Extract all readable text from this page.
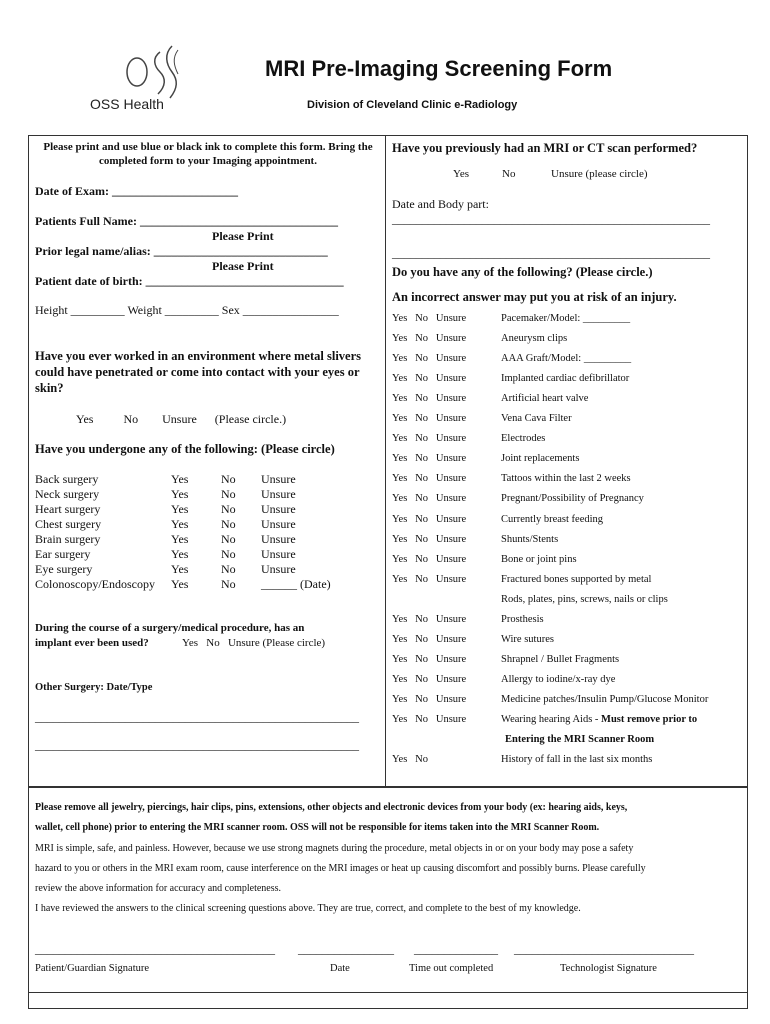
OSS Health
MRI Pre-Imaging Screening Form
Division of Cleveland Clinic e-Radiology
Please print and use blue or black ink to complete this form. Bring the completed form to your Imaging appointment.
Date of Exam: _____________________
Patients Full Name: _________________________________
Please Print
Prior legal name/alias: _____________________________
Please Print
Patient date of birth: _________________________________
Height _________ Weight _________ Sex ________________
Have you ever worked in an environment where metal slivers could have penetrated or come into contact with your eyes or skin?
Yes          No        Unsure      (Please circle.)
Have you undergone any of the following: (Please circle)
Back surgery	Yes	No Unsure
Neck surgery	Yes	No Unsure
Heart surgery	Yes	No Unsure
Chest surgery	Yes	No Unsure
Brain surgery	Yes	No Unsure
Ear surgery	Yes	No Unsure
Eye surgery	Yes	No Unsure
Colonoscopy/Endoscopy Yes	No ______ (Date)
During the course of a surgery/medical procedure, has an
implant ever been used?	Yes   No   Unsure (Please circle)
Other Surgery: Date/Type
______________________________________________________
______________________________________________________
Have you previously had an MRI or CT scan performed?
Yes	No	Unsure (please circle)
Date and Body part:
_____________________________________________________
_____________________________________________________
Do you have any of the following? (Please circle.)
An incorrect answer may put you at risk of an injury.
Yes   No   Unsure	Pacemaker/Model: _________
Yes   No   Unsure	Aneurysm clips
Yes   No   Unsure	AAA Graft/Model: _________
Yes   No   Unsure	Implanted cardiac defibrillator
Yes   No   Unsure	Artificial heart valve
Yes   No   Unsure	Vena Cava Filter
Yes   No   Unsure	Electrodes
Yes   No   Unsure	Joint replacements
Yes   No   Unsure	Tattoos within the last 2 weeks
Yes   No   Unsure	Pregnant/Possibility of Pregnancy
Yes   No   Unsure	Currently breast feeding
Yes   No   Unsure	Shunts/Stents
Yes   No   Unsure	Bone or joint pins
Yes   No   Unsure	Fractured bones supported by metal
Rods, plates, pins, screws, nails or clips
Yes   No   Unsure	Prosthesis
Yes   No   Unsure	Wire sutures
Yes   No   Unsure	Shrapnel / Bullet Fragments
Yes   No   Unsure	Allergy to iodine/x-ray dye
Yes   No   Unsure	Medicine patches/Insulin Pump/Glucose Monitor
Yes   No   Unsure	Wearing hearing Aids - Must remove prior to
Entering the MRI Scanner Room
Yes   No	History of fall in the last six months
Please remove all jewelry, piercings, hair clips, pins, extensions, other objects and electronic devices from your body (ex: hearing aids, keys,
wallet, cell phone) prior to entering the MRI scanner room. OSS will not be responsible for items taken into the MRI Scanner Room.
MRI is simple, safe, and painless. However, because we use strong magnets during the procedure, metal objects in or on your body may pose a safety
hazard to you or others in the MRI exam room, cause interference on the MRI images or heat up causing discomfort and possibly burns. Please carefully
review the above information for accuracy and completeness.
I have reviewed the answers to the clinical screening questions above. They are true, correct, and complete to the best of my knowledge.
________________________________________ ________________ ______________ ______________________________
Patient/Guardian Signature	Date	Time out completed	Technologist Signature
